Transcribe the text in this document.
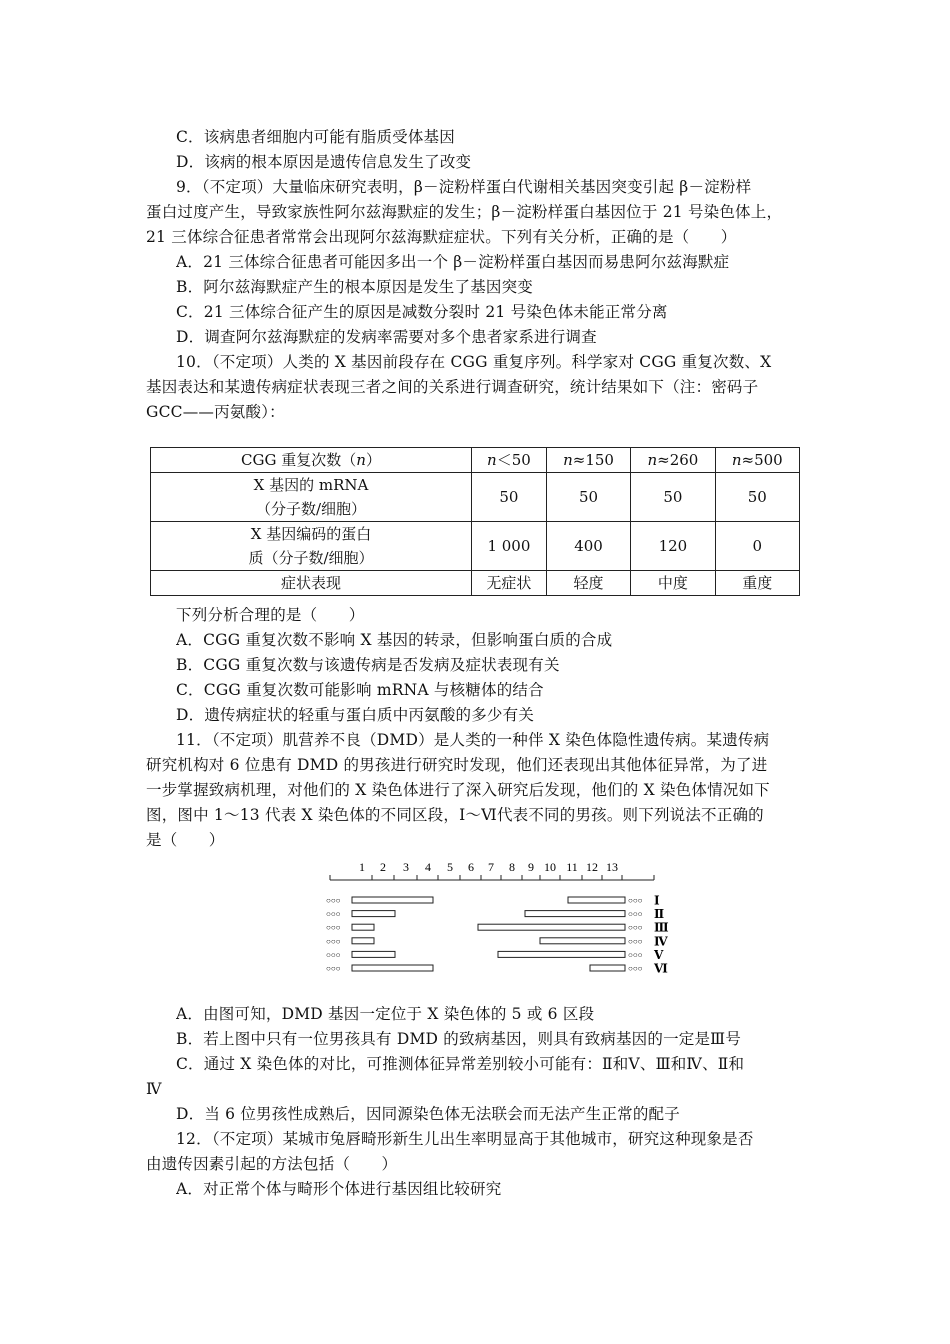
C．该病患者细胞内可能有脂质受体基因
D．该病的根本原因是遗传信息发生了改变
9．（不定项）大量临床研究表明，β－淀粉样蛋白代谢相关基因突变引起 β－淀粉样
蛋白过度产生，导致家族性阿尔兹海默症的发生；β－淀粉样蛋白基因位于 21 号染色体上，
21 三体综合征患者常常会出现阿尔兹海默症症状。下列有关分析，正确的是（　　）
A．21 三体综合征患者可能因多出一个 β－淀粉样蛋白基因而易患阿尔兹海默症
B．阿尔兹海默症产生的根本原因是发生了基因突变
C．21 三体综合征产生的原因是减数分裂时 21 号染色体未能正常分离
D．调查阿尔兹海默症的发病率需要对多个患者家系进行调查
10．（不定项）人类的 X 基因前段存在 CGG 重复序列。科学家对 CGG 重复次数、X
基因表达和某遗传病症状表现三者之间的关系进行调查研究，统计结果如下（注：密码子
GCC——丙氨酸）：
CGG 重复次数（n）	n＜50	n≈150	n≈260	n≈500

X 基因的 mRNA
（分子数/细胞）	50	50	50	50

X 基因编码的蛋白
质（分子数/细胞）	1 000	400	120	0
症状表现	无症状	轻度	中度	重度
下列分析合理的是（　　）
A．CGG 重复次数不影响 X 基因的转录，但影响蛋白质的合成
B．CGG 重复次数与该遗传病是否发病及症状表现有关
C．CGG 重复次数可能影响 mRNA 与核糖体的结合
D．遗传病症状的轻重与蛋白质中丙氨酸的多少有关
11．（不定项）肌营养不良（DMD）是人类的一种伴 X 染色体隐性遗传病。某遗传病
研究机构对 6 位患有 DMD 的男孩进行研究时发现，他们还表现出其他体征异常，为了进
一步掌握致病机理，对他们的 X 染色体进行了深入研究后发现，他们的 X 染色体情况如下
图，图中 1～13 代表 X 染色体的不同区段，Ⅰ～Ⅵ代表不同的男孩。则下列说法不正确的
是（　　）
1 2 3 4 5 6 7 8 9 10 11 12 13
○○○	○○○ Ⅰ
○○○	○○○ Ⅱ
○○○	○○○ Ⅲ
○○○	○○○ Ⅳ
○○○	○○○ Ⅴ
○○○	○○○ Ⅵ
A．由图可知，DMD 基因一定位于 X 染色体的 5 或 6 区段
B．若上图中只有一位男孩具有 DMD 的致病基因，则具有致病基因的一定是Ⅲ号
C．通过 X 染色体的对比，可推测体征异常差别较小可能有：Ⅱ和Ⅴ、Ⅲ和Ⅳ、Ⅱ和
Ⅳ
D．当 6 位男孩性成熟后，因同源染色体无法联会而无法产生正常的配子
12．（不定项）某城市兔唇畸形新生儿出生率明显高于其他城市，研究这种现象是否
由遗传因素引起的方法包括（　　）
A．对正常个体与畸形个体进行基因组比较研究
